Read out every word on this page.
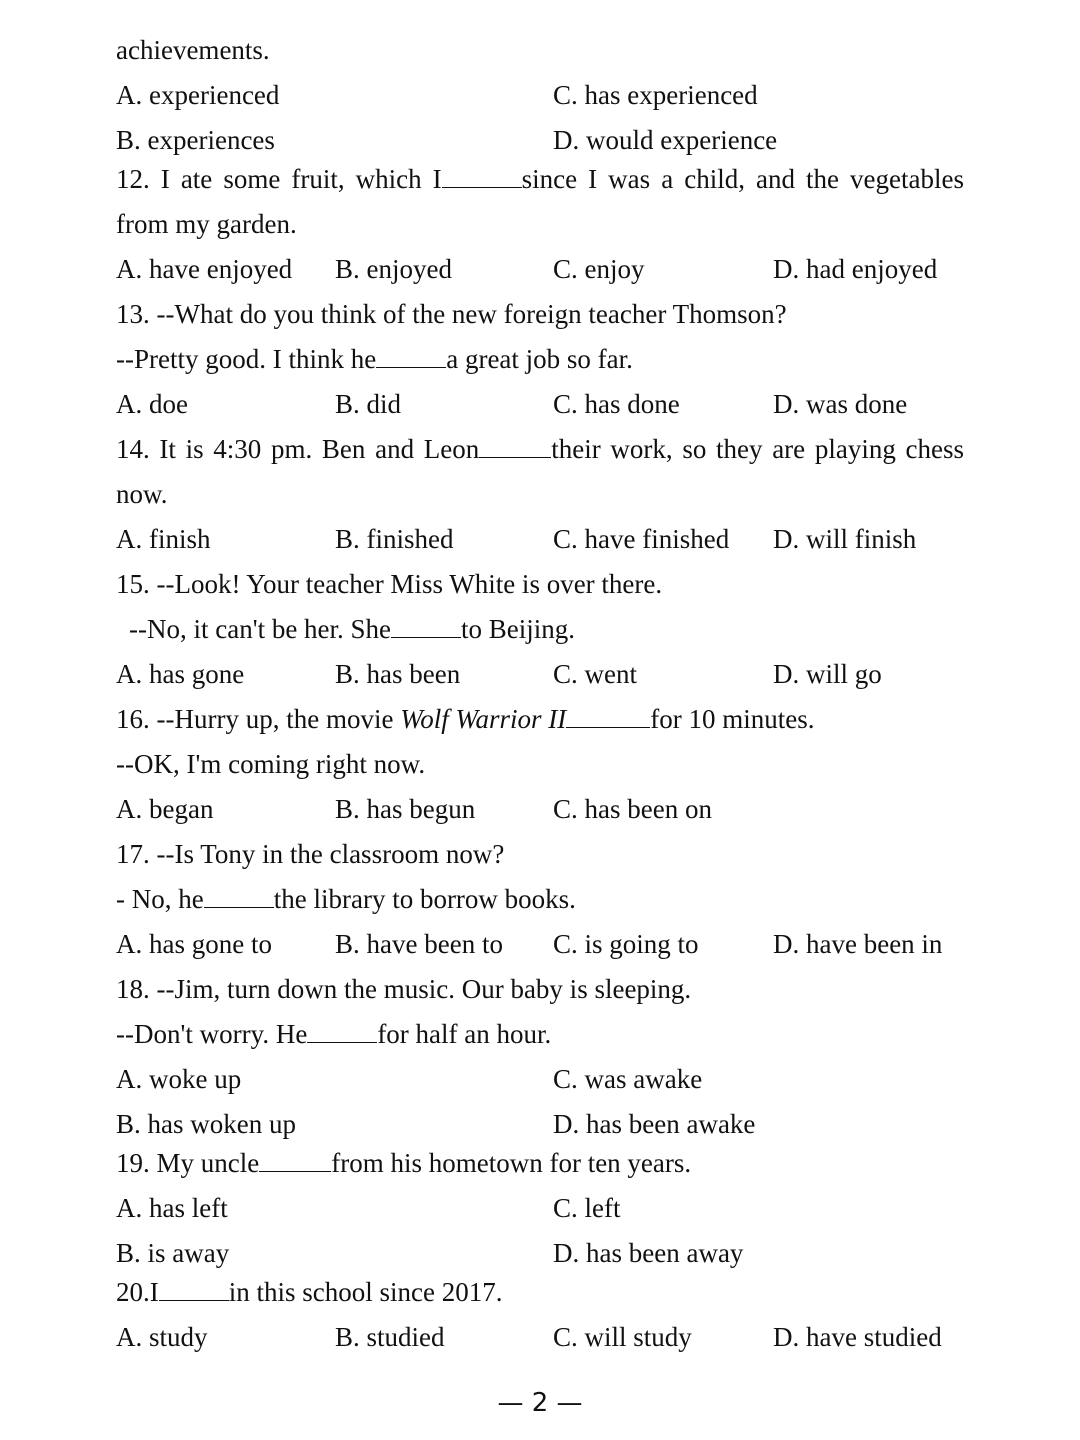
achievements.
A. experienced	C. has experienced
B. experiences	D. would experience
12. I ate some fruit, which I	since I was a child, and the vegetables
from my garden.
A. have enjoyed B. enjoyed	C. enjoy	D. had enjoyed
13. --What do you think of the new foreign teacher Thomson?
--Pretty good. I think he	a great job so far.
A. doe	B. did	C. has done	D. was done
14. It is 4:30 pm. Ben and Leon	their work, so they are playing chess
now.
A. finish	B. finished	C. have finished D. will finish
15. --Look! Your teacher Miss White is over there.
--No, it can't be her. She	to Beijing.
A. has gone	B. has been	C. went	D. will go
16. --Hurry up, the movie Wolf Warrior II	for 10 minutes.
--OK, I'm coming right now.
A. began	B. has begun	C. has been on
17. --Is Tony in the classroom now?
- No, he	the library to borrow books.
A. has gone to B. have been to C. is going to	D. have been in
18. --Jim, turn down the music. Our baby is sleeping.
--Don't worry. He	for half an hour.
A. woke up	C. was awake
B. has woken up	D. has been awake
19. My uncle	from his hometown for ten years.
A. has left	C. left
B. is away	D. has been away
20.I	in this school since 2017.
A. study	B. studied	C. will study	D. have studied
— 2 —
